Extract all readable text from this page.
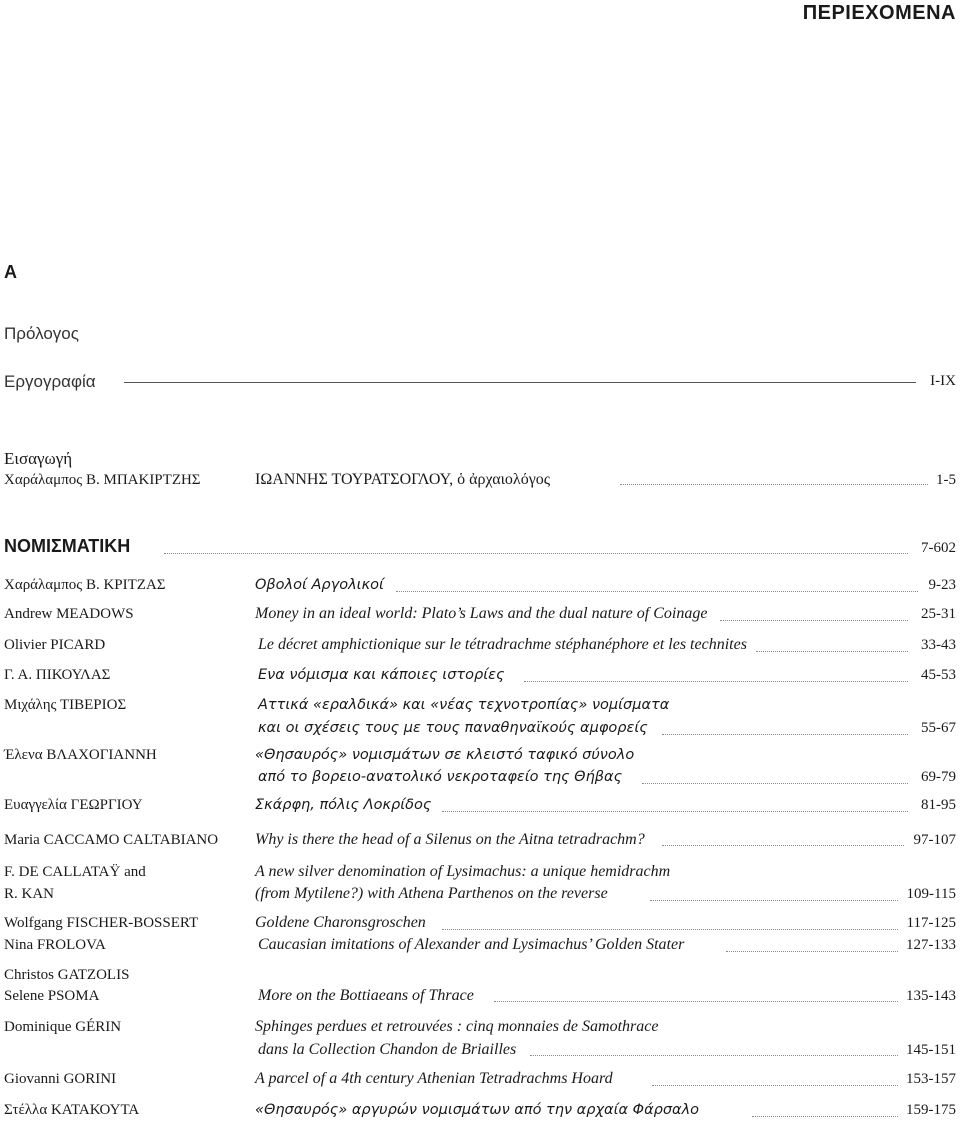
ΠΕΡΙΕΧΟΜΕΝΑ
Α
Πρόλογος
Εργογραφία	I-IX
Εισαγωγή
Χαράλαμπος Β. ΜΠΑΚΙΡΤΖΗΣ	ΙΩΑΝΝΗΣ ΤΟΥΡΑΤΣΟΓΛΟΥ, ὁ ἀρχαιολόγος	1-5
ΝΟΜΙΣΜΑΤΙΚΗ	7-602
Χαράλαμπος Β. ΚΡΙΤΖΑΣ	Οβολοί Αργολικοί	9-23
Andrew MEADOWS	Money in an ideal world: Plato’s Laws and the dual nature of Coinage	25-31
Olivier PICARD	Le décret amphictionique sur le tétradrachme stéphanéphore et les technites	33-43
Γ. Α. ΠΙΚΟΥΛΑΣ	Ενα νόμισμα και κάποιες ιστορίες	45-53
Μιχάλης ΤΙΒΕΡΙΟΣ	Αττικά «εραλδικά» και «νέας τεχνοτροπίας» νομίσματα
και οι σχέσεις τους με τους παναθηναϊκούς αμφορείς	55-67
Έλενα ΒΛΑΧΟΓΙΑΝΝΗ	«Θησαυρός» νομισμάτων σε κλειστό ταφικό σύνολο
από το βορειο-ανατολικό νεκροταφείο της Θήβας	69-79
Ευαγγελία ΓΕΩΡΓΙΟΥ	Σκάρφη, πόλις Λοκρίδος	81-95
Maria CACCAMO CALTABIANO Why is there the head of a Silenus on the Aitna tetradrachm?	97-107
F. DE CALLATAŸ and
R. KAN
A new silver denomination of Lysimachus: a unique hemidrachm
(from Mytilene?) with Athena Parthenos on the reverse	109-115
Wolfgang FISCHER-BOSSERT	Goldene Charonsgroschen	117-125
Nina FROLOVA	Caucasian imitations of Alexander and Lysimachus’ Golden Stater	127-133
Christos GATZOLIS
Selene PSOMA	More on the Bottiaeans of Thrace	135-143
Dominique GÉRIN	Sphinges perdues et retrouvées : cinq monnaies de Samothrace
dans la Collection Chandon de Briailles	145-151
Giovanni GORINI	A parcel of a 4th century Athenian Tetradrachms Hoard	153-157
Στέλλα ΚΑΤΑΚΟΥΤΑ	«Θησαυρός» αργυρών νομισμάτων από την αρχαία Φάρσαλο	159-175
